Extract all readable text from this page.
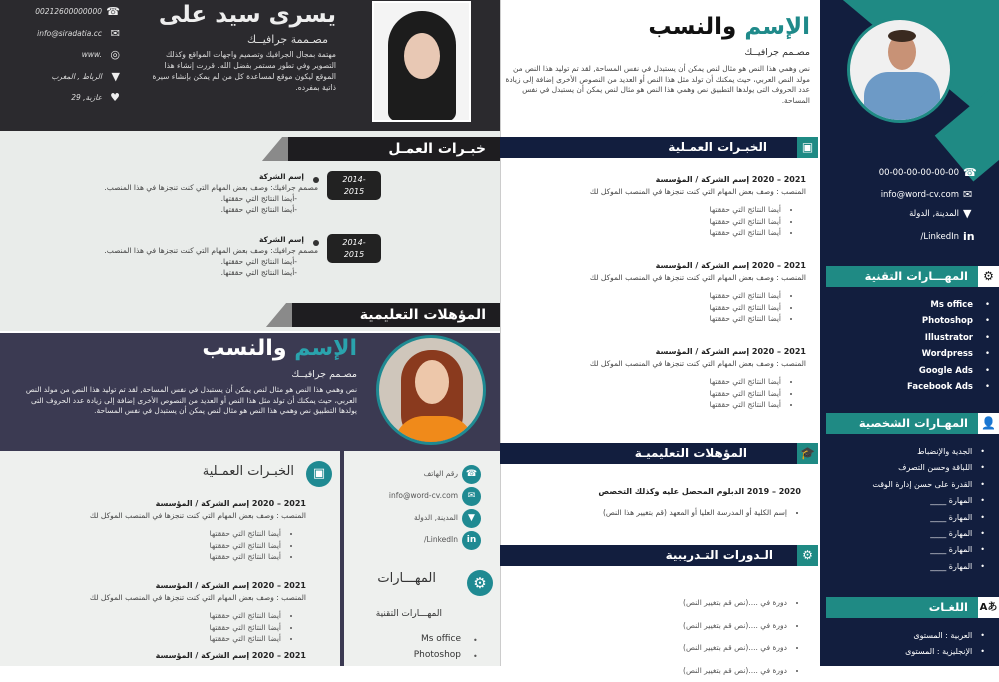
يسرى سيد على
مصـممة جرافيــك
مهتمة بمجال الجرافيك وتصميم واجهات المواقع وكذلك التصوير وفي تطور مستمر بفضل الله. قررت إنشاء هذا الموقع ليكون موقع لمساعدة كل من لم يمكن بإنشاء سيرة ذاتية بمفرده.
☎
00212600000000
✉
info@siradatia.cc
◎
www.
▼
الرباط , المغرب
♥
عازبة, 29
خبـرات العمـل
المؤهلات التعليمية
الإسم والنسب
مصـمم جرافيــك
نص وهمي هذا النص هو مثال لنص يمكن أن يستبدل في نفس المساحة, لقد تم توليد هذا النص من مولد النص العربي، حيث يمكنك أن تولد مثل هذا النص أو العديد من النصوص الأخرى إضافة إلى زيادة عدد الحروف التى يولدها التطبيق نص وهمي هذا النص هو مثال لنص يمكن أن يستبدل في نفس المساحة.
▣
الخبـرات العمـلية
⚙
المهـــارات
المهـــارات التقنية
2014-
2015
إسم الشركة
مصمم جرافيك: وصف بعض المهام التي كنت تنجزها في هذا المنصب.
-أيضا النتائج التي حققتها.
-أيضا النتائج التي حققتها.
2014-
2015
إسم الشركة
مصمم جرافيك: وصف بعض المهام التي كنت تنجزها في هذا المنصب.
-أيضا النتائج التي حققتها.
-أيضا النتائج التي حققتها.
2021 – 2020 إسم الشركة / المؤسسة
المنصب : وصف بعض المهام التي كنت تنجزها في المنصب الموكل لك
• أيضا النتائج التي حققتها
• أيضا النتائج التي حققتها
• أيضا النتائج التي حققتها
2021 – 2020 إسم الشركة / المؤسسة
المنصب : وصف بعض المهام التي كنت تنجزها في المنصب الموكل لك
• أيضا النتائج التي حققتها
• أيضا النتائج التي حققتها
• أيضا النتائج التي حققتها
2021 – 2020 إسم الشركة / المؤسسة
☎
رقم الهاتف
✉
info@word-cv.com
▼
المدينة, الدولة
in
/LinkedIn
Ms office •
Photoshop •
الإسم والنسب
مصـمم جرافيــك
نص وهمي هذا النص هو مثال لنص يمكن أن يستبدل في نفس المساحة, لقد تم توليد هذا النص من مولد النص العربي، حيث يمكنك أن تولد مثل هذا النص أو العديد من النصوص الأخرى إضافة إلى زيادة عدد الحروف التى يولدها التطبيق نص وهمي هذا النص هو مثال لنص يمكن أن يستبدل في نفس المساحة.
الخبـرات العمـلية	▣
المؤهلات التعليميـة	🎓
2020 – 2019 الدبلوم المحصل عليه وكذلك التخصص
• إسم الكلية أو المدرسة العليا أو المعهد (قم بتغيير هذا النص)
الـدورات التـدريبية	⚙
• دورة في ....(نص قم بتغيير النص)
• دورة في ....(نص قم بتغيير النص)
• دورة في ....(نص قم بتغيير النص)
• دورة في ....(نص قم بتغيير النص)
المهـــارات التقنية	⚙
Ms office •
Photoshop •
Illustrator •
Wordpress •
Google Ads •
Facebook Ads •
المهـارات الشخصية	👤
•الجدية والإنضباط
•اللباقة وحسن التصرف
•القدرة على حسن إدارة الوقت
•المهارة ____
•المهارة ____
•المهارة ____
•المهارة ____
•المهارة ____
اللغـات	Aあ
•العربية : المستوى
•الإنجليزية : المستوى
2021 – 2020 إسم الشركة / المؤسسة
المنصب : وصف بعض المهام التي كنت تنجزها في المنصب الموكل لك
• أيضا النتائج التي حققتها
• أيضا النتائج التي حققتها
• أيضا النتائج التي حققتها
2021 – 2020 إسم الشركة / المؤسسة
المنصب : وصف بعض المهام التي كنت تنجزها في المنصب الموكل لك
• أيضا النتائج التي حققتها
• أيضا النتائج التي حققتها
• أيضا النتائج التي حققتها
2021 – 2020 إسم الشركة / المؤسسة
المنصب : وصف بعض المهام التي كنت تنجزها في المنصب الموكل لك
• أيضا النتائج التي حققتها
• أيضا النتائج التي حققتها
• أيضا النتائج التي حققتها
☎
00-00-00-00-00-00
✉
info@word-cv.com
▼
المدينة, الدولة
in
/LinkedIn
